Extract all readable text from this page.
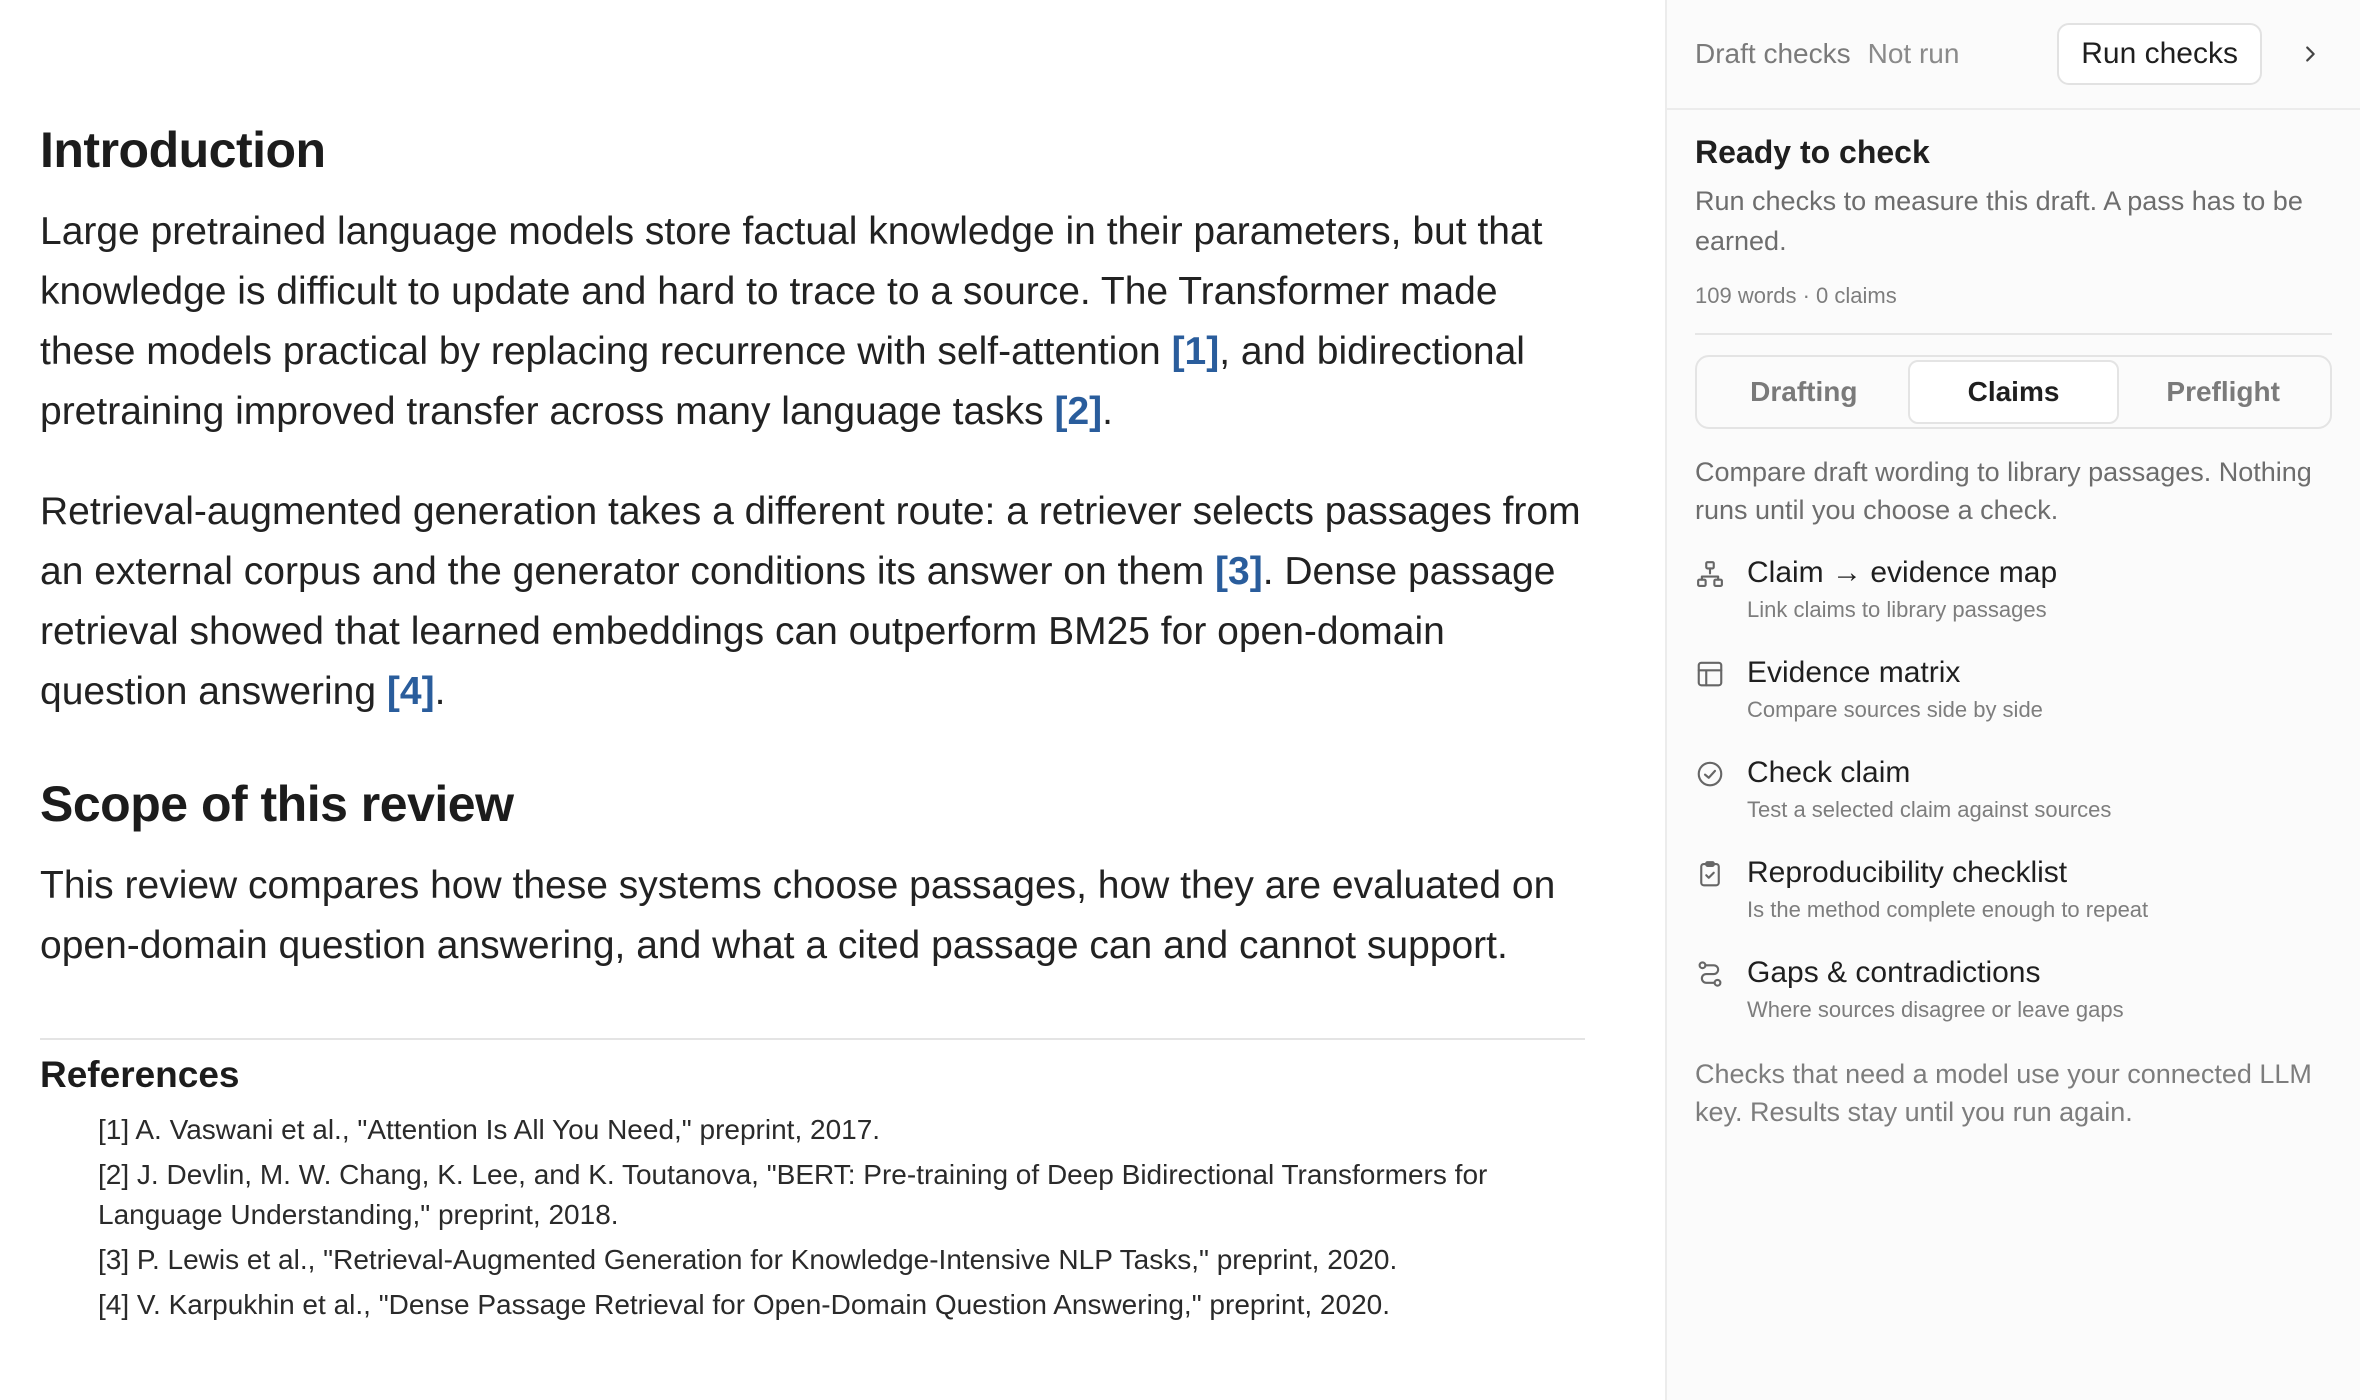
Introduction

Large pretrained language models store factual knowledge in their parameters, but that knowledge is difficult to update and hard to trace to a source. The Transformer made these models practical by replacing recurrence with self-attention [1], and bidirectional pretraining improved transfer across many language tasks [2].

Retrieval-augmented generation takes a different route: a retriever selects passages from an external corpus and the generator conditions its answer on them [3]. Dense passage retrieval showed that learned embeddings can outperform BM25 for open-domain question answering [4].

Scope of this review

This review compares how these systems choose passages, how they are evaluated on open-domain question answering, and what a cited passage can and cannot support.

References
[1] A. Vaswani et al., "Attention Is All You Need," preprint, 2017.
[2] J. Devlin, M. W. Chang, K. Lee, and K. Toutanova, "BERT: Pre-training of Deep Bidirectional Transformers for Language Understanding," preprint, 2018.
[3] P. Lewis et al., "Retrieval-Augmented Generation for Knowledge-Intensive NLP Tasks," preprint, 2020.
[4] V. Karpukhin et al., "Dense Passage Retrieval for Open-Domain Question Answering," preprint, 2020.
Draft checks Not run	Run checks
Ready to check
Run checks to measure this draft. A pass has to be earned.
109 words · 0 claims
Drafting	Claims	Preflight
Compare draft wording to library passages. Nothing runs until you choose a check.
Claim → evidence map
Link claims to library passages
Evidence matrix
Compare sources side by side
Check claim
Test a selected claim against sources
Reproducibility checklist
Is the method complete enough to repeat
Gaps & contradictions
Where sources disagree or leave gaps
Checks that need a model use your connected LLM key. Results stay until you run again.
